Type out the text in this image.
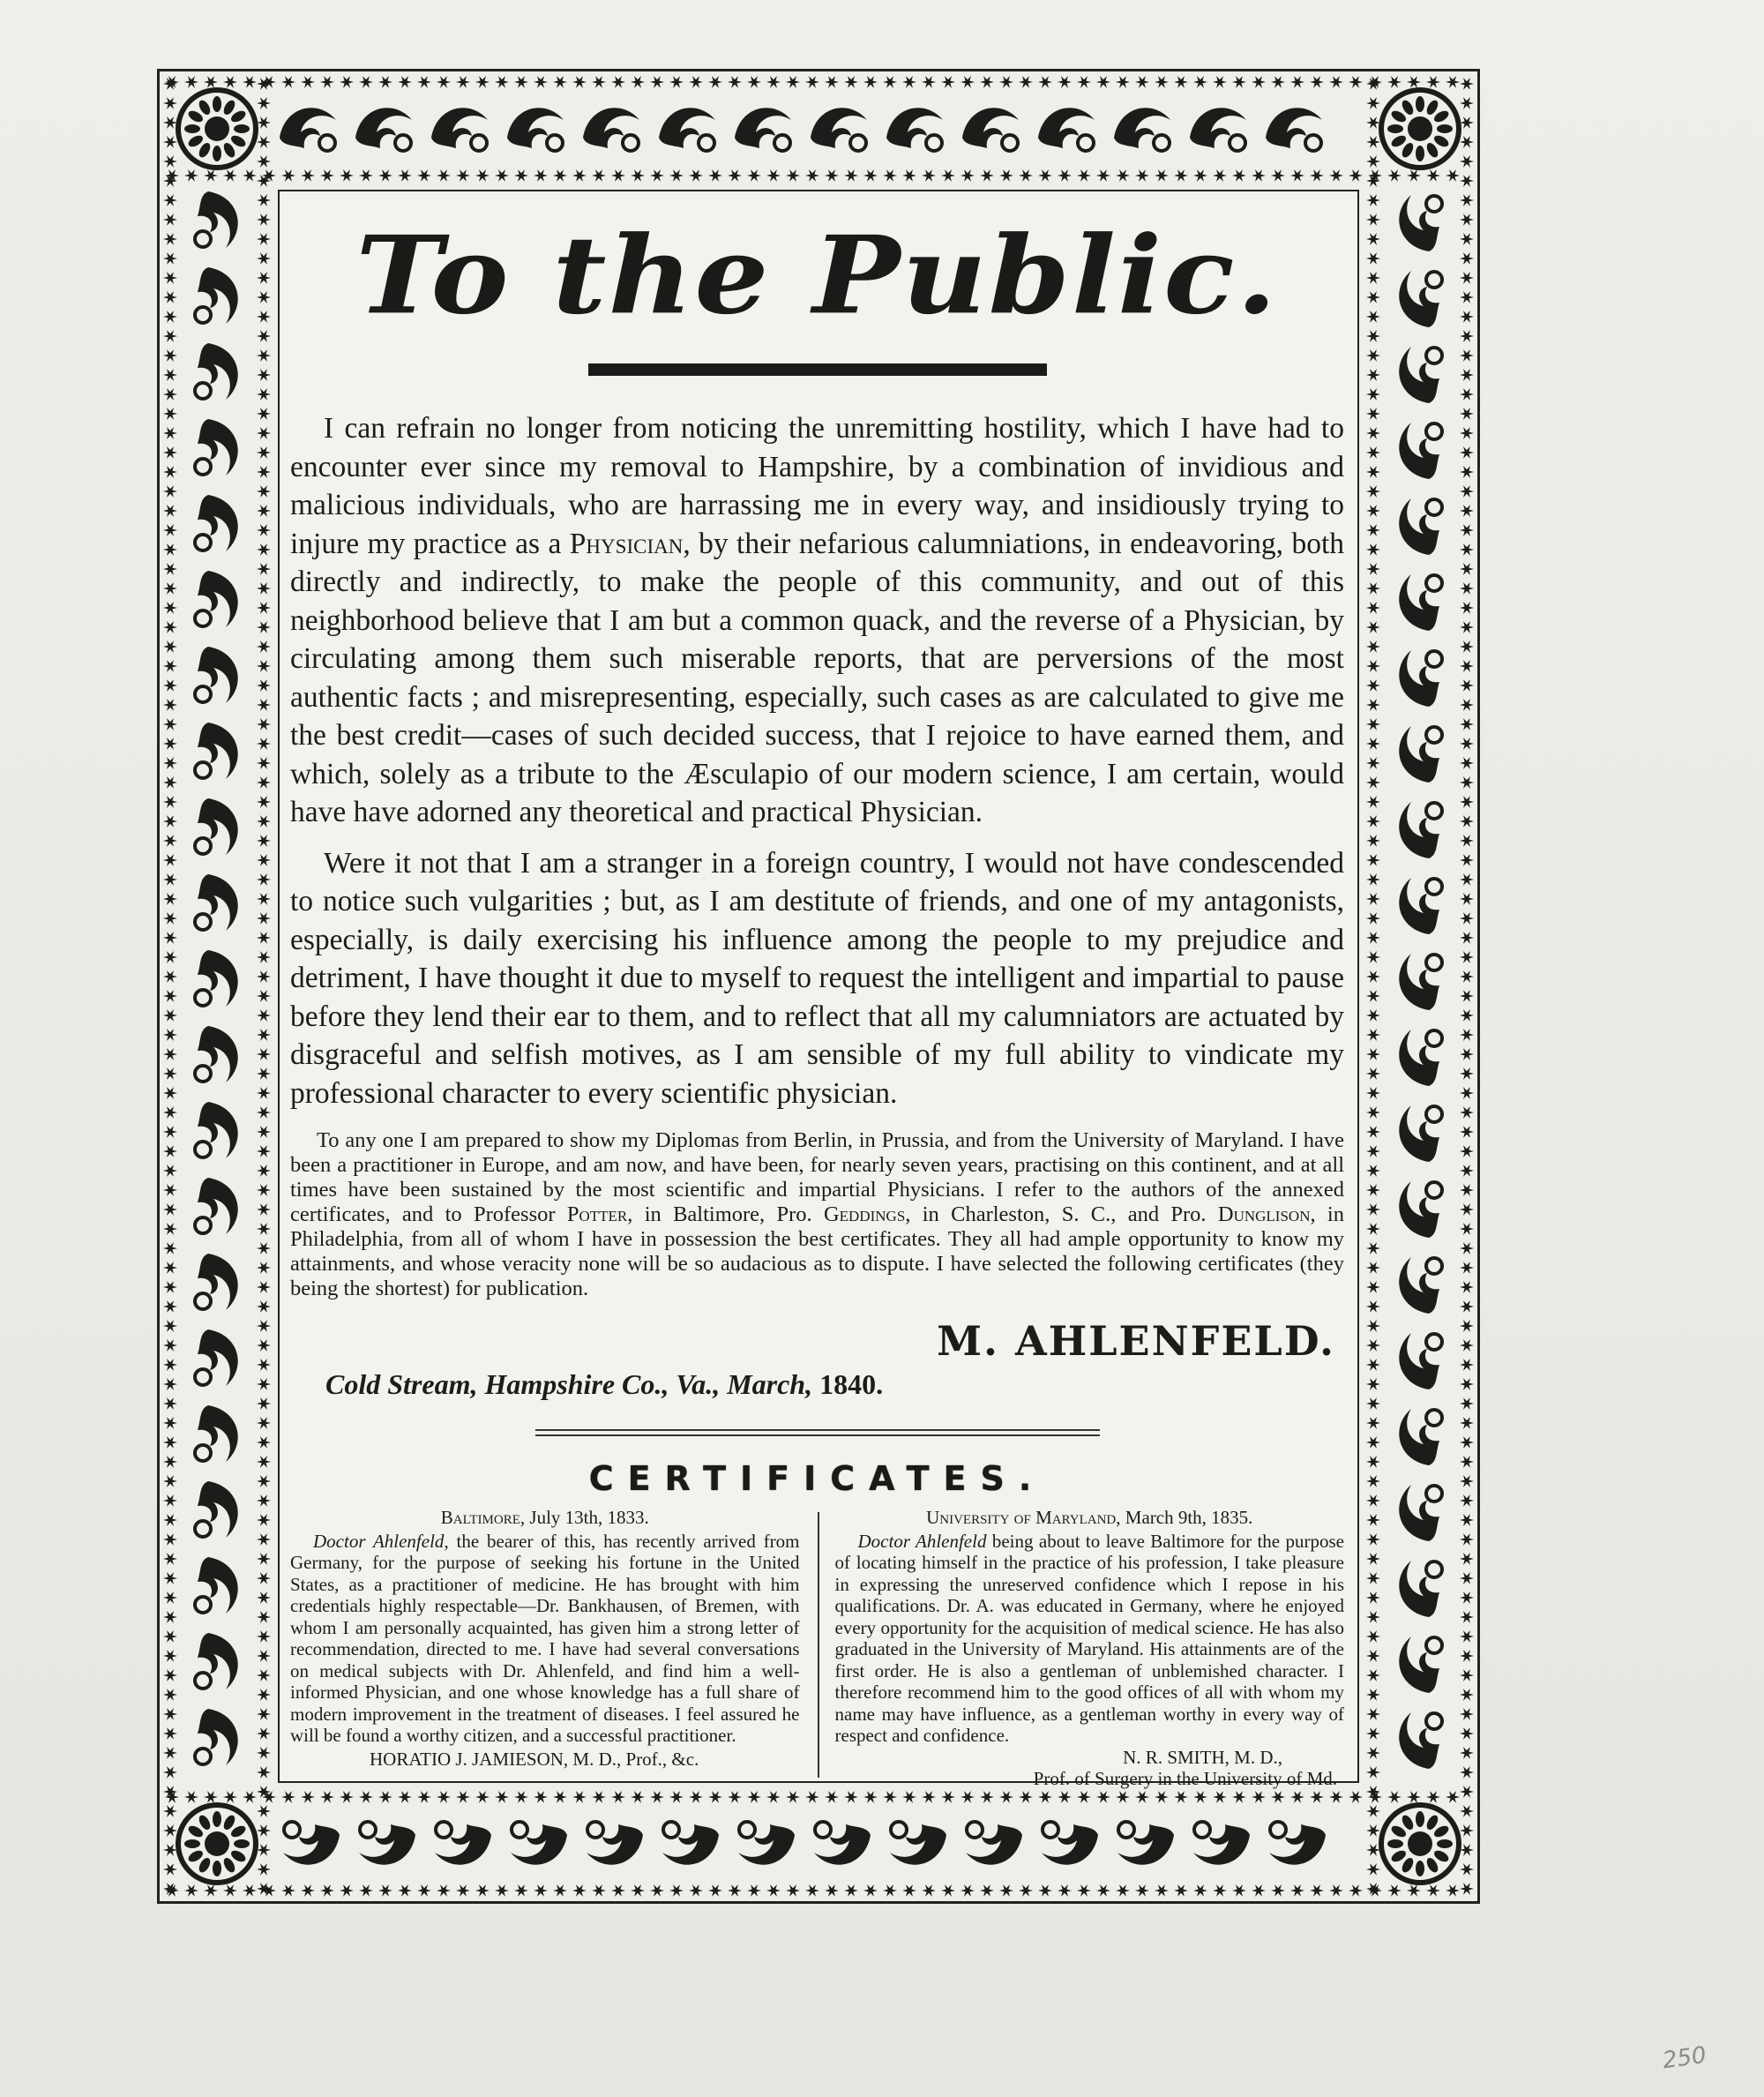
To the Public.

I can refrain no longer from noticing the unremitting hostility, which I have had to encounter ever since my removal to Hampshire, by a combination of invidious and malicious individuals, who are harrassing me in every way, and insidiously trying to injure my practice as a Physician, by their nefarious calumniations, in endeavoring, both directly and indirectly, to make the people of this community, and out of this neighborhood believe that I am but a common quack, and the reverse of a Physician, by circulating among them such miserable reports, that are perversions of the most authentic facts ; and misrepresenting, especially, such cases as are calculated to give me the best credit—cases of such decided success, that I rejoice to have earned them, and which, solely as a tribute to the Æsculapio of our modern science, I am certain, would have have adorned any theoretical and practical Physician.

Were it not that I am a stranger in a foreign country, I would not have condescended to notice such vulgarities ; but, as I am destitute of friends, and one of my antagonists, especially, is daily exercising his influence among the people to my prejudice and detriment, I have thought it due to myself to request the intelligent and impartial to pause before they lend their ear to them, and to reflect that all my calumniators are actuated by disgraceful and selfish motives, as I am sensible of my full ability to vindicate my professional character to every scientific physician.

To any one I am prepared to show my Diplomas from Berlin, in Prussia, and from the University of Maryland. I have been a practitioner in Europe, and am now, and have been, for nearly seven years, practising on this continent, and at all times have been sustained by the most scientific and impartial Physicians. I refer to the authors of the annexed certificates, and to Professor Potter, in Baltimore, Pro. Geddings, in Charleston, S. C., and Pro. Dunglison, in Philadelphia, from all of whom I have in possession the best certificates. They all had ample opportunity to know my attainments, and whose veracity none will be so audacious as to dispute. I have selected the following certificates (they being the shortest) for publication.

M. AHLENFELD.
Cold Stream, Hampshire Co., Va., March, 1840.
CERTIFICATES.
Baltimore, July 13th, 1833.
Doctor Ahlenfeld, the bearer of this, has recently arrived from Germany, for the purpose of seeking his fortune in the United States, as a practitioner of medicine. He has brought with him credentials highly respectable—Dr. Bankhausen, of Bremen, with whom I am personally acquainted, has given him a strong letter of recommendation, directed to me. I have had several conversations on medical subjects with Dr. Ahlenfeld, and find him a well-informed Physician, and one whose knowledge has a full share of modern improvement in the treatment of diseases. I feel assured he will be found a worthy citizen, and a successful practitioner.
HORATIO J. JAMIESON, M. D., Prof., &c.
University of Maryland, March 9th, 1835.
Doctor Ahlenfeld being about to leave Baltimore for the purpose of locating himself in the practice of his profession, I take pleasure in expressing the unreserved confidence which I repose in his qualifications. Dr. A. was educated in Germany, where he enjoyed every opportunity for the acquisition of medical science. He has also graduated in the University of Maryland. His attainments are of the first order. He is also a gentleman of unblemished character. I therefore recommend him to the good offices of all with whom my name may have influence, as a gentleman worthy in every way of respect and confidence.
N. R. SMITH, M. D.,
Prof. of Surgery in the University of Md.
250
